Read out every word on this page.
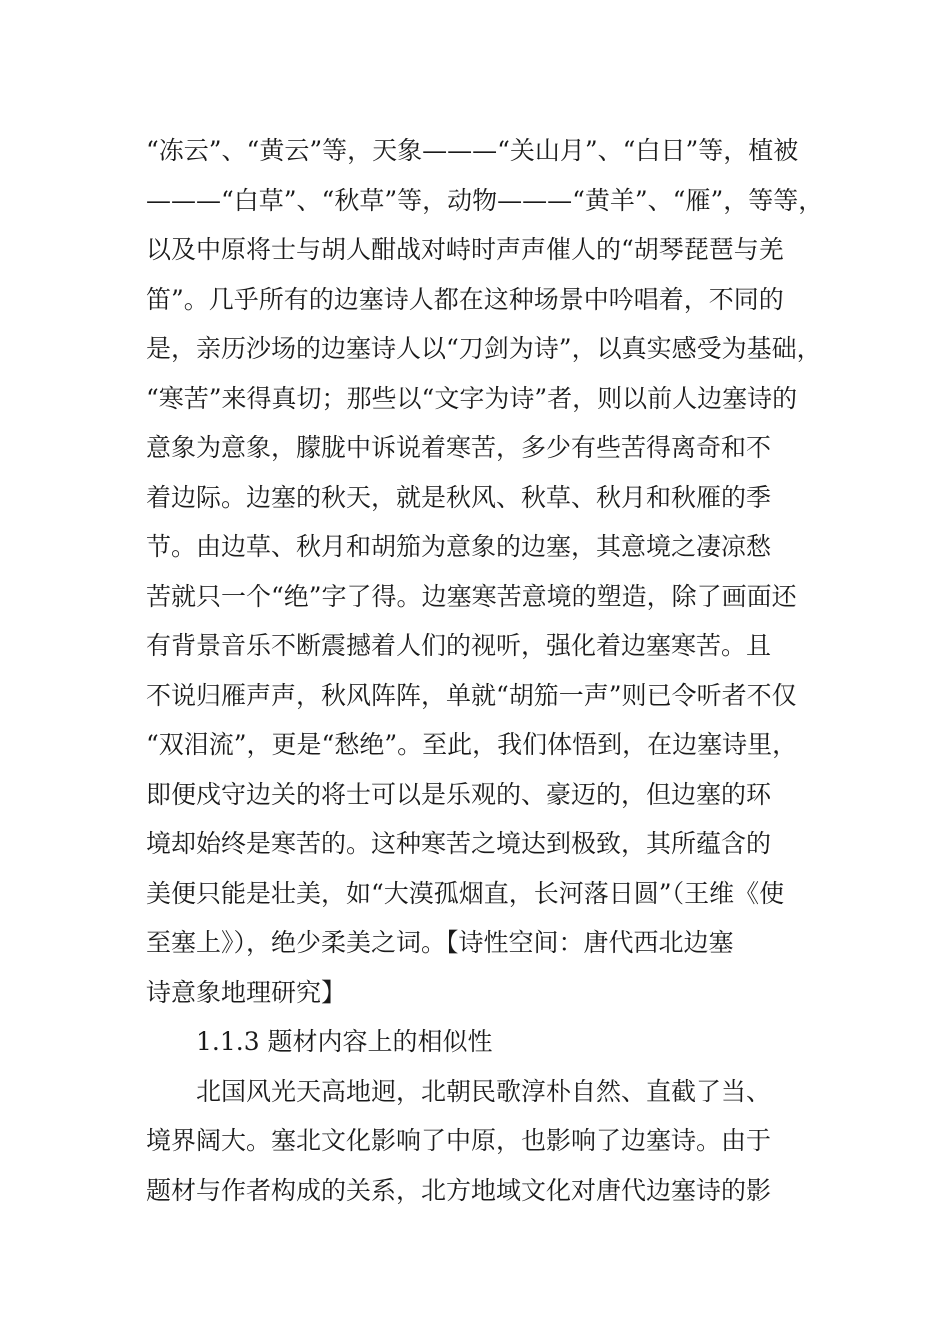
“冻云”、“黄云”等，天象———“关山月”、“白日”等，植被
———“白草”、“秋草”等，动物———“黄羊”、“雁”，等等，
以及中原将士与胡人酣战对峙时声声催人的“胡琴琵琶与羌
笛”。几乎所有的边塞诗人都在这种场景中吟唱着，不同的
是，亲历沙场的边塞诗人以“刀剑为诗”，以真实感受为基础，
“寒苦”来得真切；那些以“文字为诗”者，则以前人边塞诗的
意象为意象，朦胧中诉说着寒苦，多少有些苦得离奇和不
着边际。边塞的秋天，就是秋风、秋草、秋月和秋雁的季
节。由边草、秋月和胡笳为意象的边塞，其意境之凄凉愁
苦就只一个“绝”字了得。边塞寒苦意境的塑造，除了画面还
有背景音乐不断震撼着人们的视听，强化着边塞寒苦。且
不说归雁声声，秋风阵阵，单就“胡笳一声”则已令听者不仅
“双泪流”，更是“愁绝”。至此，我们体悟到，在边塞诗里，
即便戍守边关的将士可以是乐观的、豪迈的，但边塞的环
境却始终是寒苦的。这种寒苦之境达到极致，其所蕴含的
美便只能是壮美，如“大漠孤烟直，长河落日圆”（王维《使
至塞上》），绝少柔美之词。【诗性空间：唐代西北边塞
诗意象地理研究】
1.1.3 题材内容上的相似性
北国风光天高地迥，北朝民歌淳朴自然、直截了当、
境界阔大。塞北文化影响了中原，也影响了边塞诗。由于
题材与作者构成的关系，北方地域文化对唐代边塞诗的影
